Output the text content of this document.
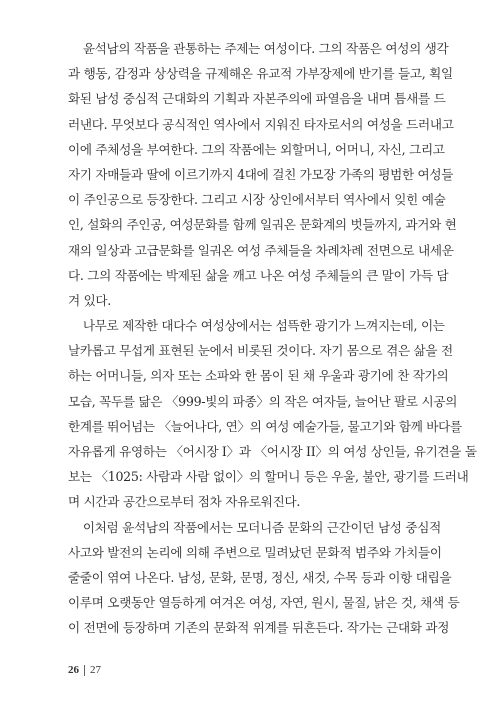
윤석남의 작품을 관통하는 주제는 여성이다. 그의 작품은 여성의 생각
과 행동, 감정과 상상력을 규제해온 유교적 가부장제에 반기를 들고, 획일
화된 남성 중심적 근대화의 기획과 자본주의에 파열음을 내며 틈새를 드
러낸다. 무엇보다 공식적인 역사에서 지워진 타자로서의 여성을 드러내고
이에 주체성을 부여한다. 그의 작품에는 외할머니, 어머니, 자신, 그리고
자기 자매들과 딸에 이르기까지 4대에 걸친 가모장 가족의 평범한 여성들
이 주인공으로 등장한다. 그리고 시장 상인에서부터 역사에서 잊힌 예술
인, 설화의 주인공, 여성문화를 함께 일궈온 문화계의 벗들까지, 과거와 현
재의 일상과 고급문화를 일궈온 여성 주체들을 차례차례 전면으로 내세운
다. 그의 작품에는 박제된 삶을 깨고 나온 여성 주체들의 큰 말이 가득 담
겨 있다.
나무로 제작한 대다수 여성상에서는 섬뜩한 광기가 느껴지는데, 이는
날카롭고 무섭게 표현된 눈에서 비롯된 것이다. 자기 몸으로 겪은 삶을 전
하는 어머니들, 의자 또는 소파와 한 몸이 된 채 우울과 광기에 찬 작가의
모습, 꼭두를 닮은 〈999-빛의 파종〉의 작은 여자들, 늘어난 팔로 시공의
한계를 뛰어넘는 〈늘어나다, 연〉의 여성 예술가들, 물고기와 함께 바다를
자유롭게 유영하는 〈어시장 I〉과 〈어시장 II〉의 여성 상인들, 유기견을 돌
보는 〈1025: 사람과 사람 없이〉의 할머니 등은 우울, 불안, 광기를 드러내
며 시간과 공간으로부터 점차 자유로워진다.
이처럼 윤석남의 작품에서는 모더니즘 문화의 근간이던 남성 중심적
사고와 발전의 논리에 의해 주변으로 밀려났던 문화적 범주와 가치들이
줄줄이 엮여 나온다. 남성, 문화, 문명, 정신, 새것, 수목 등과 이항 대립을
이루며 오랫동안 열등하게 여겨온 여성, 자연, 원시, 물질, 낡은 것, 채색 등
이 전면에 등장하며 기존의 문화적 위계를 뒤흔든다. 작가는 근대화 과정
26 27
